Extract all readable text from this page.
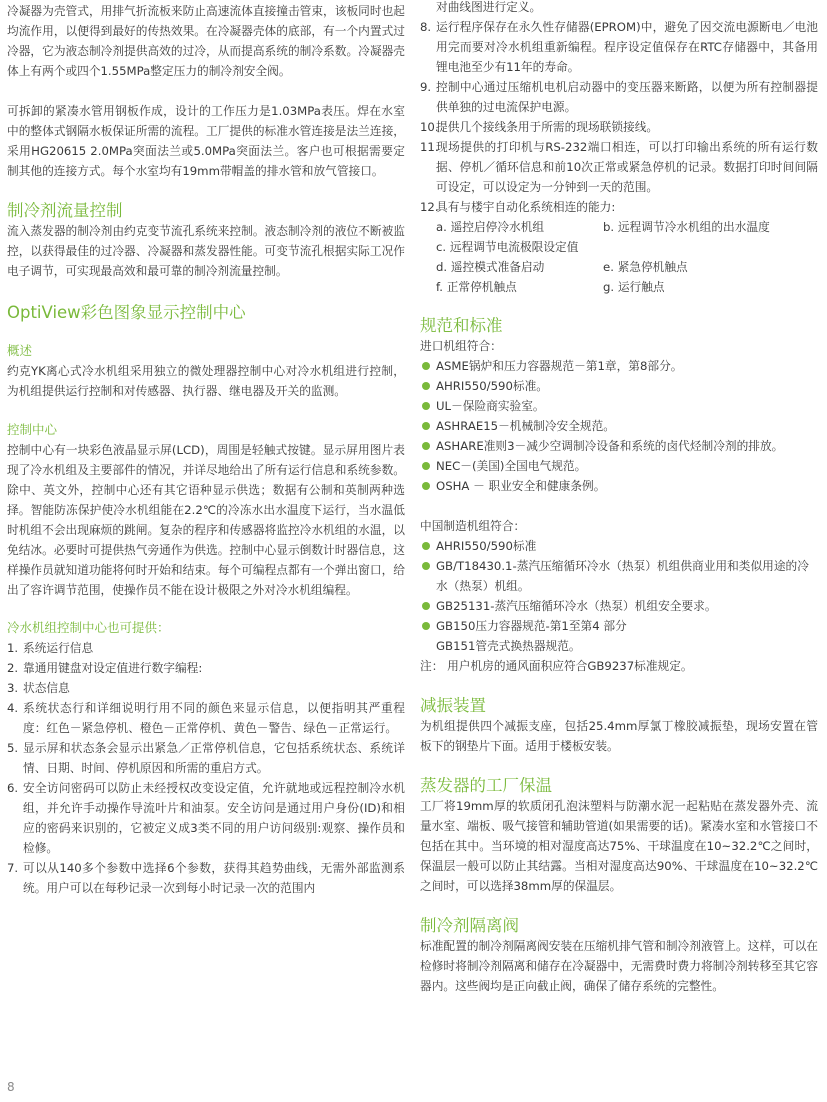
冷凝器为壳管式，用排气折流板来防止高速流体直接撞击管束，该板同时也起均流作用，以便得到最好的传热效果。在冷凝器壳体的底部，有一个内置式过冷器，它为液态制冷剂提供高效的过冷，从而提高系统的制冷系数。冷凝器壳体上有两个或四个1.55MPa整定压力的制冷剂安全阀。

可拆卸的紧凑水管用钢板作成，设计的工作压力是1.03MPa表压。焊在水室中的整体式钢隔水板保证所需的流程。工厂提供的标准水管连接是法兰连接，采用HG20615 2.0MPa突面法兰或5.0MPa突面法兰。客户也可根据需要定制其他的连接方式。每个水室均有19mm带帽盖的排水管和放气管接口。

制冷剂流量控制

流入蒸发器的制冷剂由约克变节流孔系统来控制。液态制冷剂的液位不断被监控，以获得最佳的过冷器、冷凝器和蒸发器性能。可变节流孔根据实际工况作电子调节，可实现最高效和最可靠的制冷剂流量控制。

OptiView彩色图象显示控制中心
概述

约克YK离心式冷水机组采用独立的微处理器控制中心对冷水机组进行控制，为机组提供运行控制和对传感器、执行器、继电器及开关的监测。

控制中心

控制中心有一块彩色液晶显示屏(LCD)，周围是轻触式按键。显示屏用图片表现了冷水机组及主要部件的情况，并详尽地给出了所有运行信息和系统参数。除中、英文外，控制中心还有其它语种显示供选；数据有公制和英制两种选择。智能防冻保护使冷水机组能在2.2℃的冷冻水出水温度下运行，当水温低时机组不会出现麻烦的跳闸。复杂的程序和传感器将监控冷水机组的水温，以免结冰。必要时可提供热气旁通作为供选。控制中心显示倒数计时器信息，这样操作员就知道功能将何时开始和结束。每个可编程点都有一个弹出窗口，给出了容许调节范围，使操作员不能在设计极限之外对冷水机组编程。

冷水机组控制中心也可提供：
1. 系统运行信息
2. 靠通用键盘对设定值进行数字编程:
3. 状态信息
4. 系统状态行和详细说明行用不同的颜色来显示信息，以便指明其严重程度：红色－紧急停机、橙色－正常停机、黄色－警告、绿色－正常运行。
5. 显示屏和状态条会显示出紧急／正常停机信息，它包括系统状态、系统详情、日期、时间、停机原因和所需的重启方式。
6. 安全访问密码可以防止未经授权改变设定值，允许就地或远程控制冷水机组，并允许手动操作导流叶片和油泵。安全访问是通过用户身份(ID)和相应的密码来识别的，它被定义成3类不同的用户访问级别:观察、操作员和检修。
7. 可以从140多个参数中选择6个参数，获得其趋势曲线，无需外部监测系统。用户可以在每秒记录一次到每小时记录一次的范围内
对曲线图进行定义。
8. 运行程序保存在永久性存储器(EPROM)中，避免了因交流电源断电／电池用完而要对冷水机组重新编程。程序设定值保存在RTC存储器中，其备用锂电池至少有11年的寿命。
9. 控制中心通过压缩机电机启动器中的变压器来断路，以便为所有控制器提供单独的过电流保护电源。
10.
提供几个接线条用于所需的现场联锁接线。
11.
现场提供的打印机与RS-232端口相连，可以打印输出系统的所有运行数据、停机／循环信息和前10次正常或紧急停机的记录。数据打印时间间隔可设定，可以设定为一分钟到一天的范围。
12.
具有与楼宇自动化系统相连的能力:
a. 遥控启停冷水机组	b. 远程调节冷水机组的出水温度
c. 远程调节电流极限设定值
d. 遥控模式准备启动	e. 紧急停机触点
f. 正常停机触点	g. 运行触点
规范和标准

进口机组符合：

ASME锅炉和压力容器规范－第1章，第8部分。
AHRI550/590标准。
UL－保险商实验室。
ASHRAE15－机械制冷安全规范。
ASHARE准则3－减少空调制冷设备和系统的卤代烃制冷剂的排放。
NEC－(美国)全国电气规范。
OSHA － 职业安全和健康条例。

中国制造机组符合：

AHRI550/590标准
GB/T18430.1-蒸汽压缩循环冷水（热泵）机组供商业用和类似用途的冷水（热泵）机组。
GB25131-蒸汽压缩循环冷水（热泵）机组安全要求。
GB150压力容器规范-第1至第4 部分

GB151管壳式换热器规范。

注： 用户机房的通风面积应符合GB9237标准规定。

减振装置

为机组提供四个减振支座，包括25.4mm厚氯丁橡胶减振垫，现场安置在管板下的钢垫片下面。适用于楼板安装。

蒸发器的工厂保温

工厂将19mm厚的软质闭孔泡沫塑料与防潮水泥一起粘贴在蒸发器外壳、流量水室、端板、吸气接管和辅助管道(如果需要的话)。紧凑水室和水管接口不包括在其中。当环境的相对湿度高达75%、干球温度在10~32.2℃之间时，保温层一般可以防止其结露。当相对湿度高达90%、干球温度在10~32.2℃之间时，可以选择38mm厚的保温层。

制冷剂隔离阀

标准配置的制冷剂隔离阀安装在压缩机排气管和制冷剂液管上。这样，可以在检修时将制冷剂隔离和储存在冷凝器中，无需费时费力将制冷剂转移至其它容器内。这些阀均是正向截止阀，确保了储存系统的完整性。

8
